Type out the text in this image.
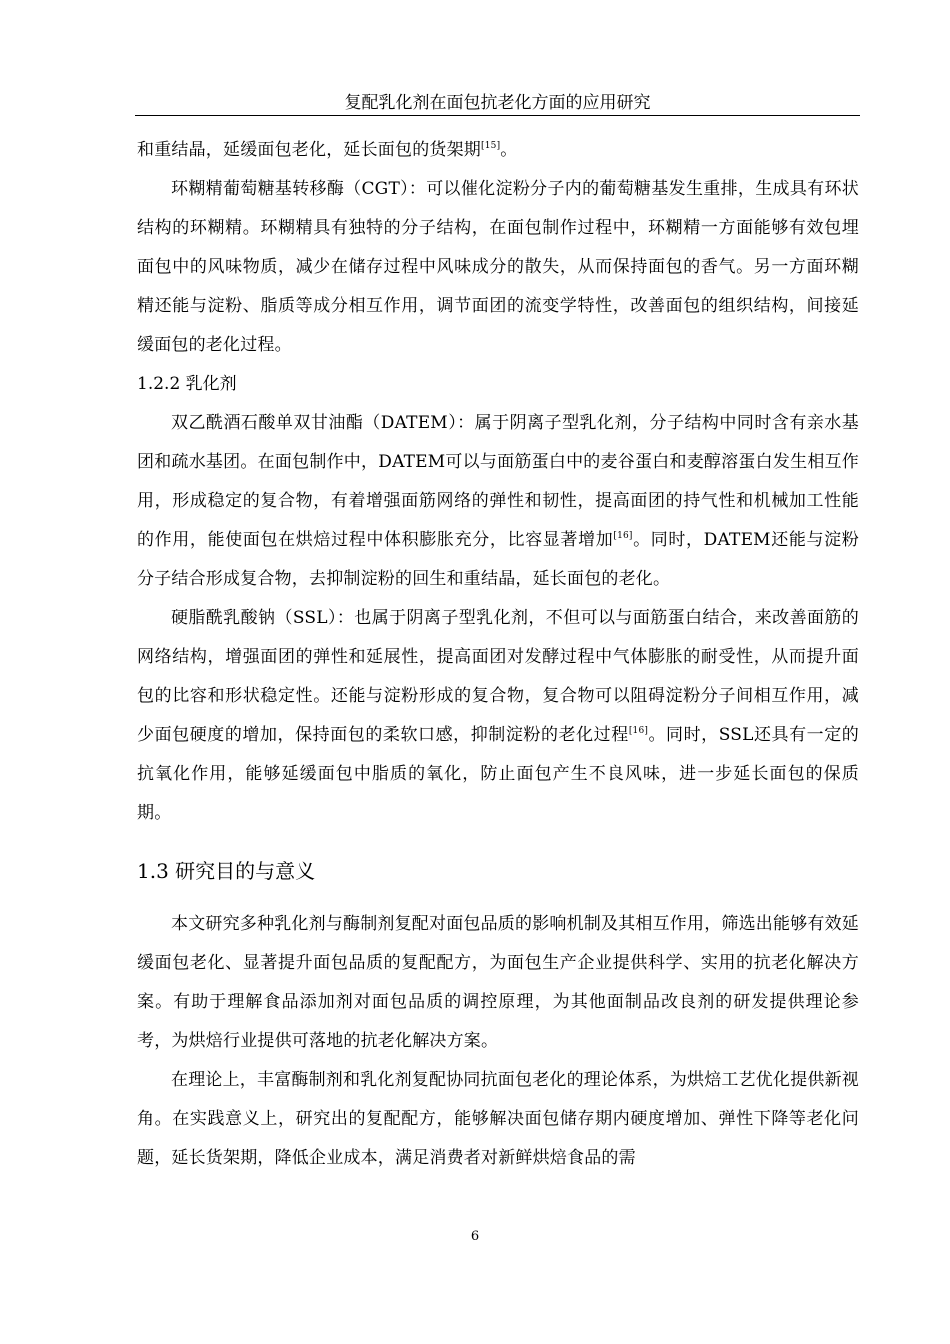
复配乳化剂在面包抗老化方面的应用研究

和重结晶，延缓面包老化，延长面包的货架期[15]。

环糊精葡萄糖基转移酶（CGT）：可以催化淀粉分子内的葡萄糖基发生重排，生成具有环状结构的环糊精。环糊精具有独特的分子结构，在面包制作过程中，环糊精一方面能够有效包埋面包中的风味物质，减少在储存过程中风味成分的散失，从而保持面包的香气。另一方面环糊精还能与淀粉、脂质等成分相互作用，调节面团的流变学特性，改善面包的组织结构，间接延缓面包的老化过程。

1.2.2 乳化剂

双乙酰酒石酸单双甘油酯（DATEM）：属于阴离子型乳化剂，分子结构中同时含有亲水基团和疏水基团。在面包制作中，DATEM可以与面筋蛋白中的麦谷蛋白和麦醇溶蛋白发生相互作用，形成稳定的复合物，有着增强面筋网络的弹性和韧性，提高面团的持气性和机械加工性能的作用，能使面包在烘焙过程中体积膨胀充分，比容显著增加[16]。同时，DATEM还能与淀粉分子结合形成复合物，去抑制淀粉的回生和重结晶，延长面包的老化。

硬脂酰乳酸钠（SSL）：也属于阴离子型乳化剂，不但可以与面筋蛋白结合，来改善面筋的网络结构，增强面团的弹性和延展性，提高面团对发酵过程中气体膨胀的耐受性，从而提升面包的比容和形状稳定性。还能与淀粉形成的复合物，复合物可以阻碍淀粉分子间相互作用，减少面包硬度的增加，保持面包的柔软口感，抑制淀粉的老化过程[16]。同时，SSL还具有一定的抗氧化作用，能够延缓面包中脂质的氧化，防止面包产生不良风味，进一步延长面包的保质期。

1.3 研究目的与意义

本文研究多种乳化剂与酶制剂复配对面包品质的影响机制及其相互作用，筛选出能够有效延缓面包老化、显著提升面包品质的复配配方，为面包生产企业提供科学、实用的抗老化解决方案。有助于理解食品添加剂对面包品质的调控原理，为其他面制品改良剂的研发提供理论参考，为烘焙行业提供可落地的抗老化解决方案。

在理论上，丰富酶制剂和乳化剂复配协同抗面包老化的理论体系，为烘焙工艺优化提供新视角。在实践意义上，研究出的复配配方，能够解决面包储存期内硬度增加、弹性下降等老化问题，延长货架期，降低企业成本，满足消费者对新鲜烘焙食品的需

6
